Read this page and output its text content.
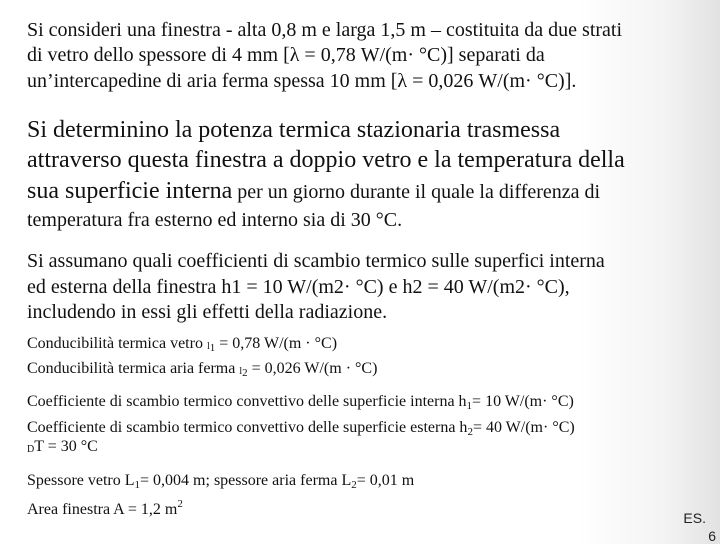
Si consideri una finestra - alta 0,8 m e larga 1,5 m – costituita da due strati
di vetro dello spessore di 4 mm [λ = 0,78 W/(m· °C)] separati da
un’intercapedine di aria ferma spessa 10 mm [λ = 0,026 W/(m· °C)].
Si determinino la potenza termica stazionaria trasmessa
attraverso questa finestra a doppio vetro e la temperatura della
sua superficie interna per un giorno durante il quale la differenza di
temperatura fra esterno ed interno sia di 30 °C.
Si assumano quali coefficienti di scambio termico sulle superfici interna
ed esterna della finestra h1 = 10 W/(m2· °C) e h2 = 40 W/(m2· °C),
includendo in essi gli effetti della radiazione.
Conducibilità termica vetro $l_1 = 0,78$ W/(m · °C)
Conducibilità termica aria ferma $l_2 = 0,026$ W/(m · °C)
Coefficiente di scambio termico convettivo delle superficie interna $h_1= 10$ W/(m· °C)
Coefficiente di scambio termico convettivo delle superficie esterna $h_2= 40$ W/(m· °C)
DT = 30 °C
Spessore vetro $L_1= 0,004$ m; spessore aria ferma $L_2= 0,01$ m
Area finestra A = 1,2 $m^2$
ES.
6
